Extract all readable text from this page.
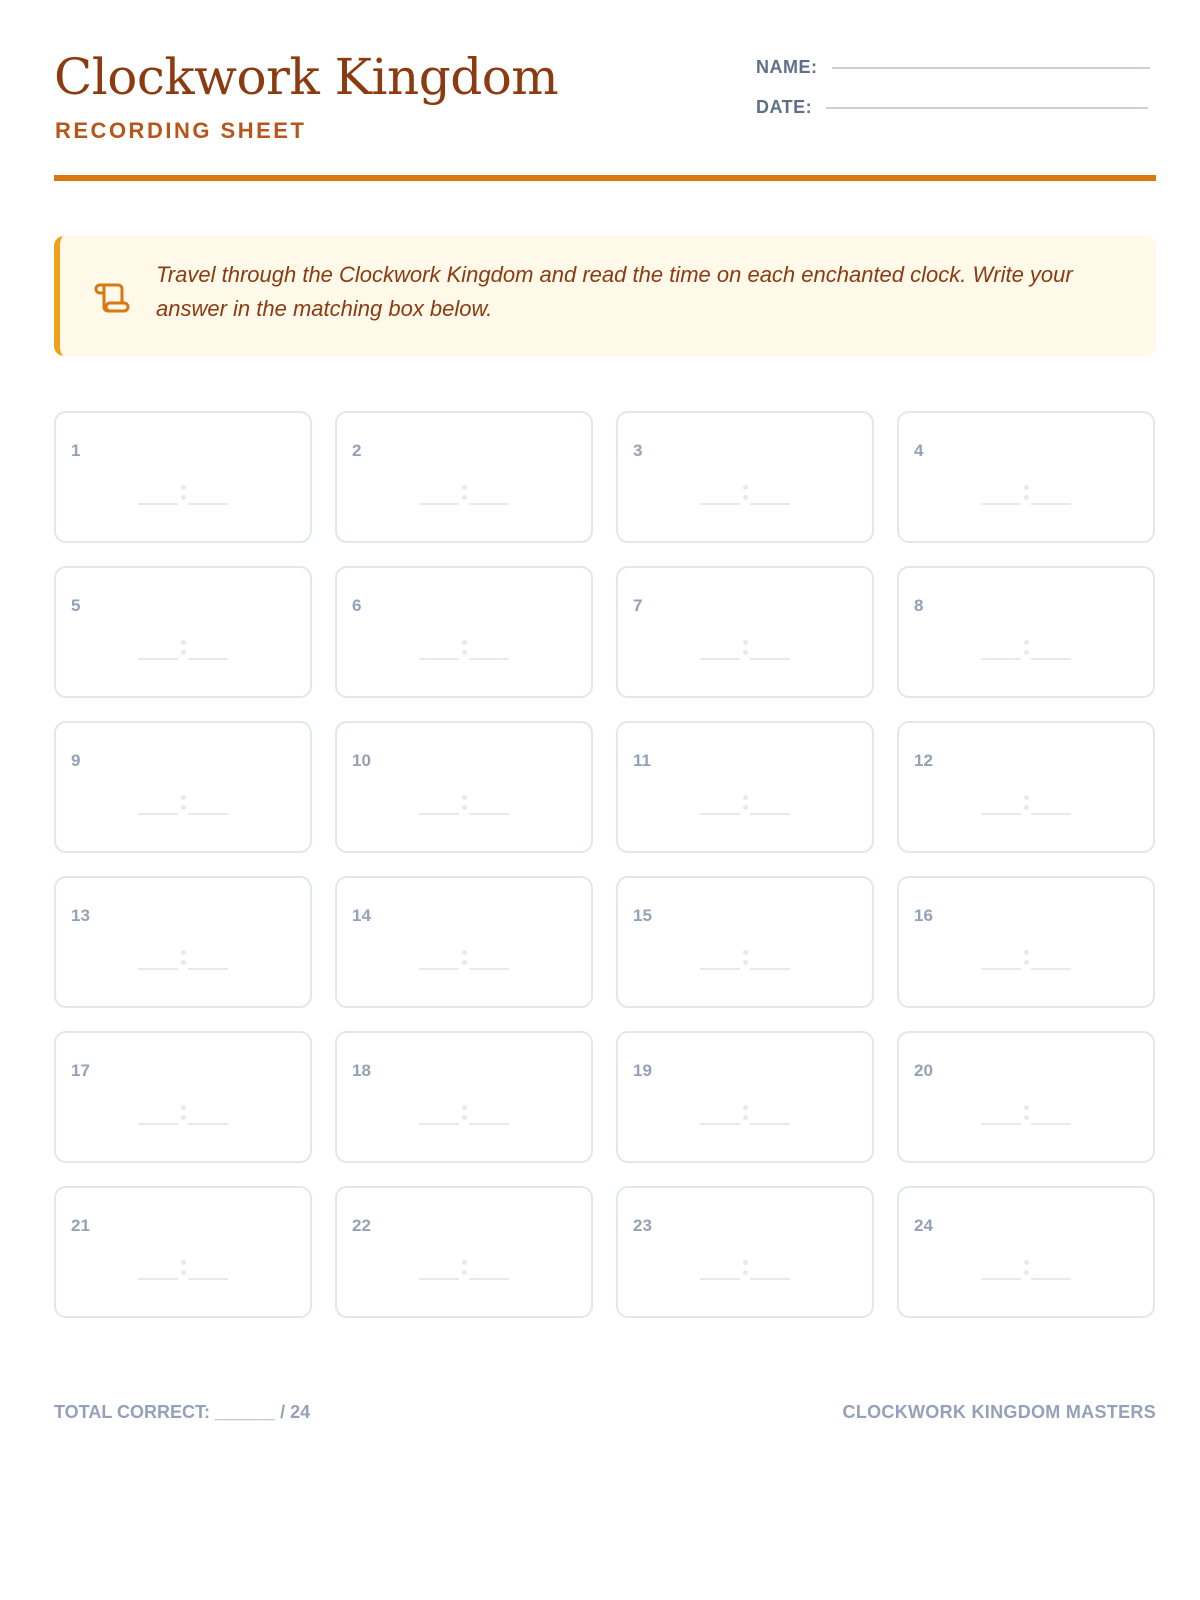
Clockwork Kingdom
RECORDING SHEET
NAME:
DATE:
Travel through the Clockwork Kingdom and read the time on each enchanted clock. Write your answer in the matching box below.
1	2	3	4
5	6	7	8
9	10	11	12
13	14	15	16
17	18	19	20
21	22	23	24
TOTAL CORRECT: ______ / 24	CLOCKWORK KINGDOM MASTERS
